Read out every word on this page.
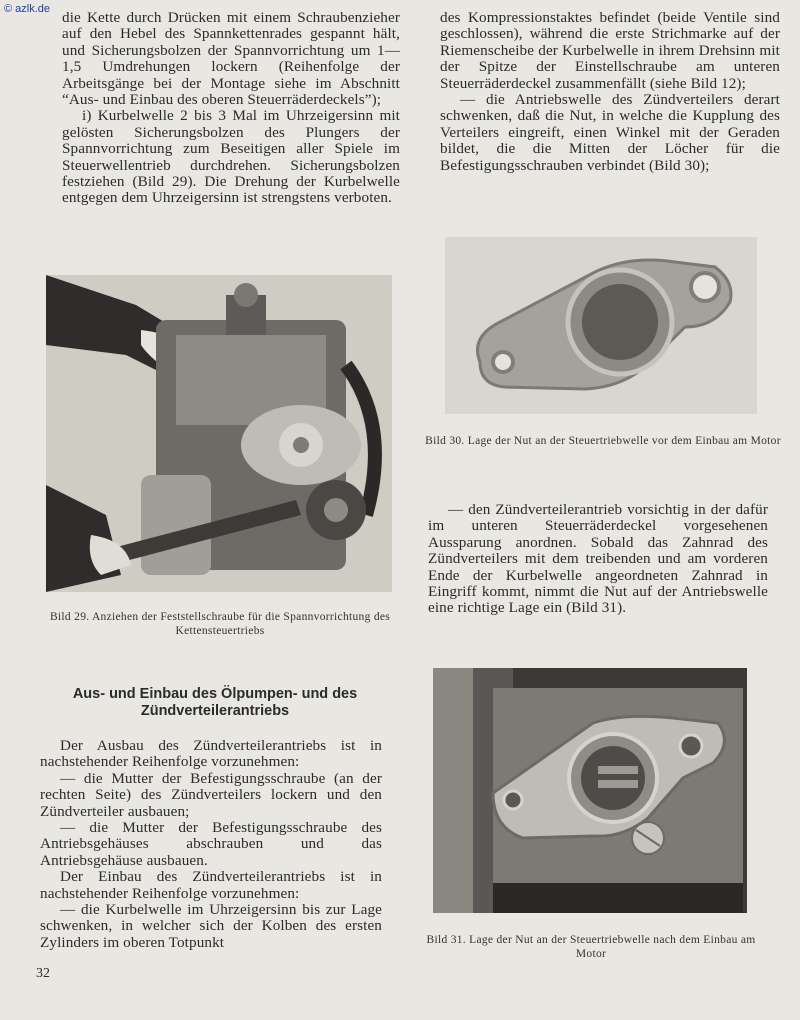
© azlk.de die Kette durch Drücken mit einem Schraubenzieher auf den Hebel des Spannkettenrades gespannt hält, und Sicherungsbolzen der Spannvorrichtung um 1—1,5 Umdrehungen lockern (Reihenfolge der Arbeitsgänge bei der Montage siehe im Abschnitt “Aus- und Einbau des oberen Steuerräderdeckels”);

i) Kurbelwelle 2 bis 3 Mal im Uhrzeigersinn mit gelösten Sicherungsbolzen des Plungers der Spannvorrichtung zum Beseitigen aller Spiele im Steuerwellentrieb durchdrehen. Sicherungsbolzen festziehen (Bild 29). Die Drehung der Kurbelwelle entgegen dem Uhrzeigersinn ist strengstens verboten.

des Kompressionstaktes befindet (beide Ventile sind geschlossen), während die erste Strichmarke auf der Riemenscheibe der Kurbelwelle in ihrem Drehsinn mit der Spitze der Einstellschraube am unteren Steuerräderdeckel zusammenfällt (siehe Bild 12);

— die Antriebswelle des Zündverteilers derart schwenken, daß die Nut, in welche die Kupplung des Verteilers eingreift, einen Winkel mit der Geraden bildet, die die Mitten der Löcher für die Befestigungsschrauben verbindet (Bild 30);

Bild 29. Anziehen der Feststellschraube für die Spannvorrichtung des Kettensteuertriebs
Bild 30. Lage der Nut an der Steuertriebwelle vor dem Einbau am Motor

— den Zündverteilerantrieb vorsichtig in der dafür im unteren Steuerräderdeckel vorgesehenen Aussparung anordnen. Sobald das Zahnrad des Zündverteilers mit dem treibenden und am vorderen Ende der Kurbelwelle angeordneten Zahnrad in Eingriff kommt, nimmt die Nut auf der Antriebswelle eine richtige Lage ein (Bild 31).

Aus- und Einbau des Ölpumpen- und des Zündverteilerantriebs

Der Ausbau des Zündverteilerantriebs ist in nachstehender Reihenfolge vorzunehmen:

— die Mutter der Befestigungsschraube (an der rechten Seite) des Zündverteilers lockern und den Zündverteiler ausbauen;

— die Mutter der Befestigungsschraube des Antriebsgehäuses abschrauben und das Antriebsgehäuse ausbauen.

Der Einbau des Zündverteilerantriebs ist in nachstehender Reihenfolge vorzunehmen:

— die Kurbelwelle im Uhrzeigersinn bis zur Lage schwenken, in welcher sich der Kolben des ersten Zylinders im oberen Totpunkt	Bild 31. Lage der Nut an der Steuertriebwelle nach dem Einbau am Motor
32
